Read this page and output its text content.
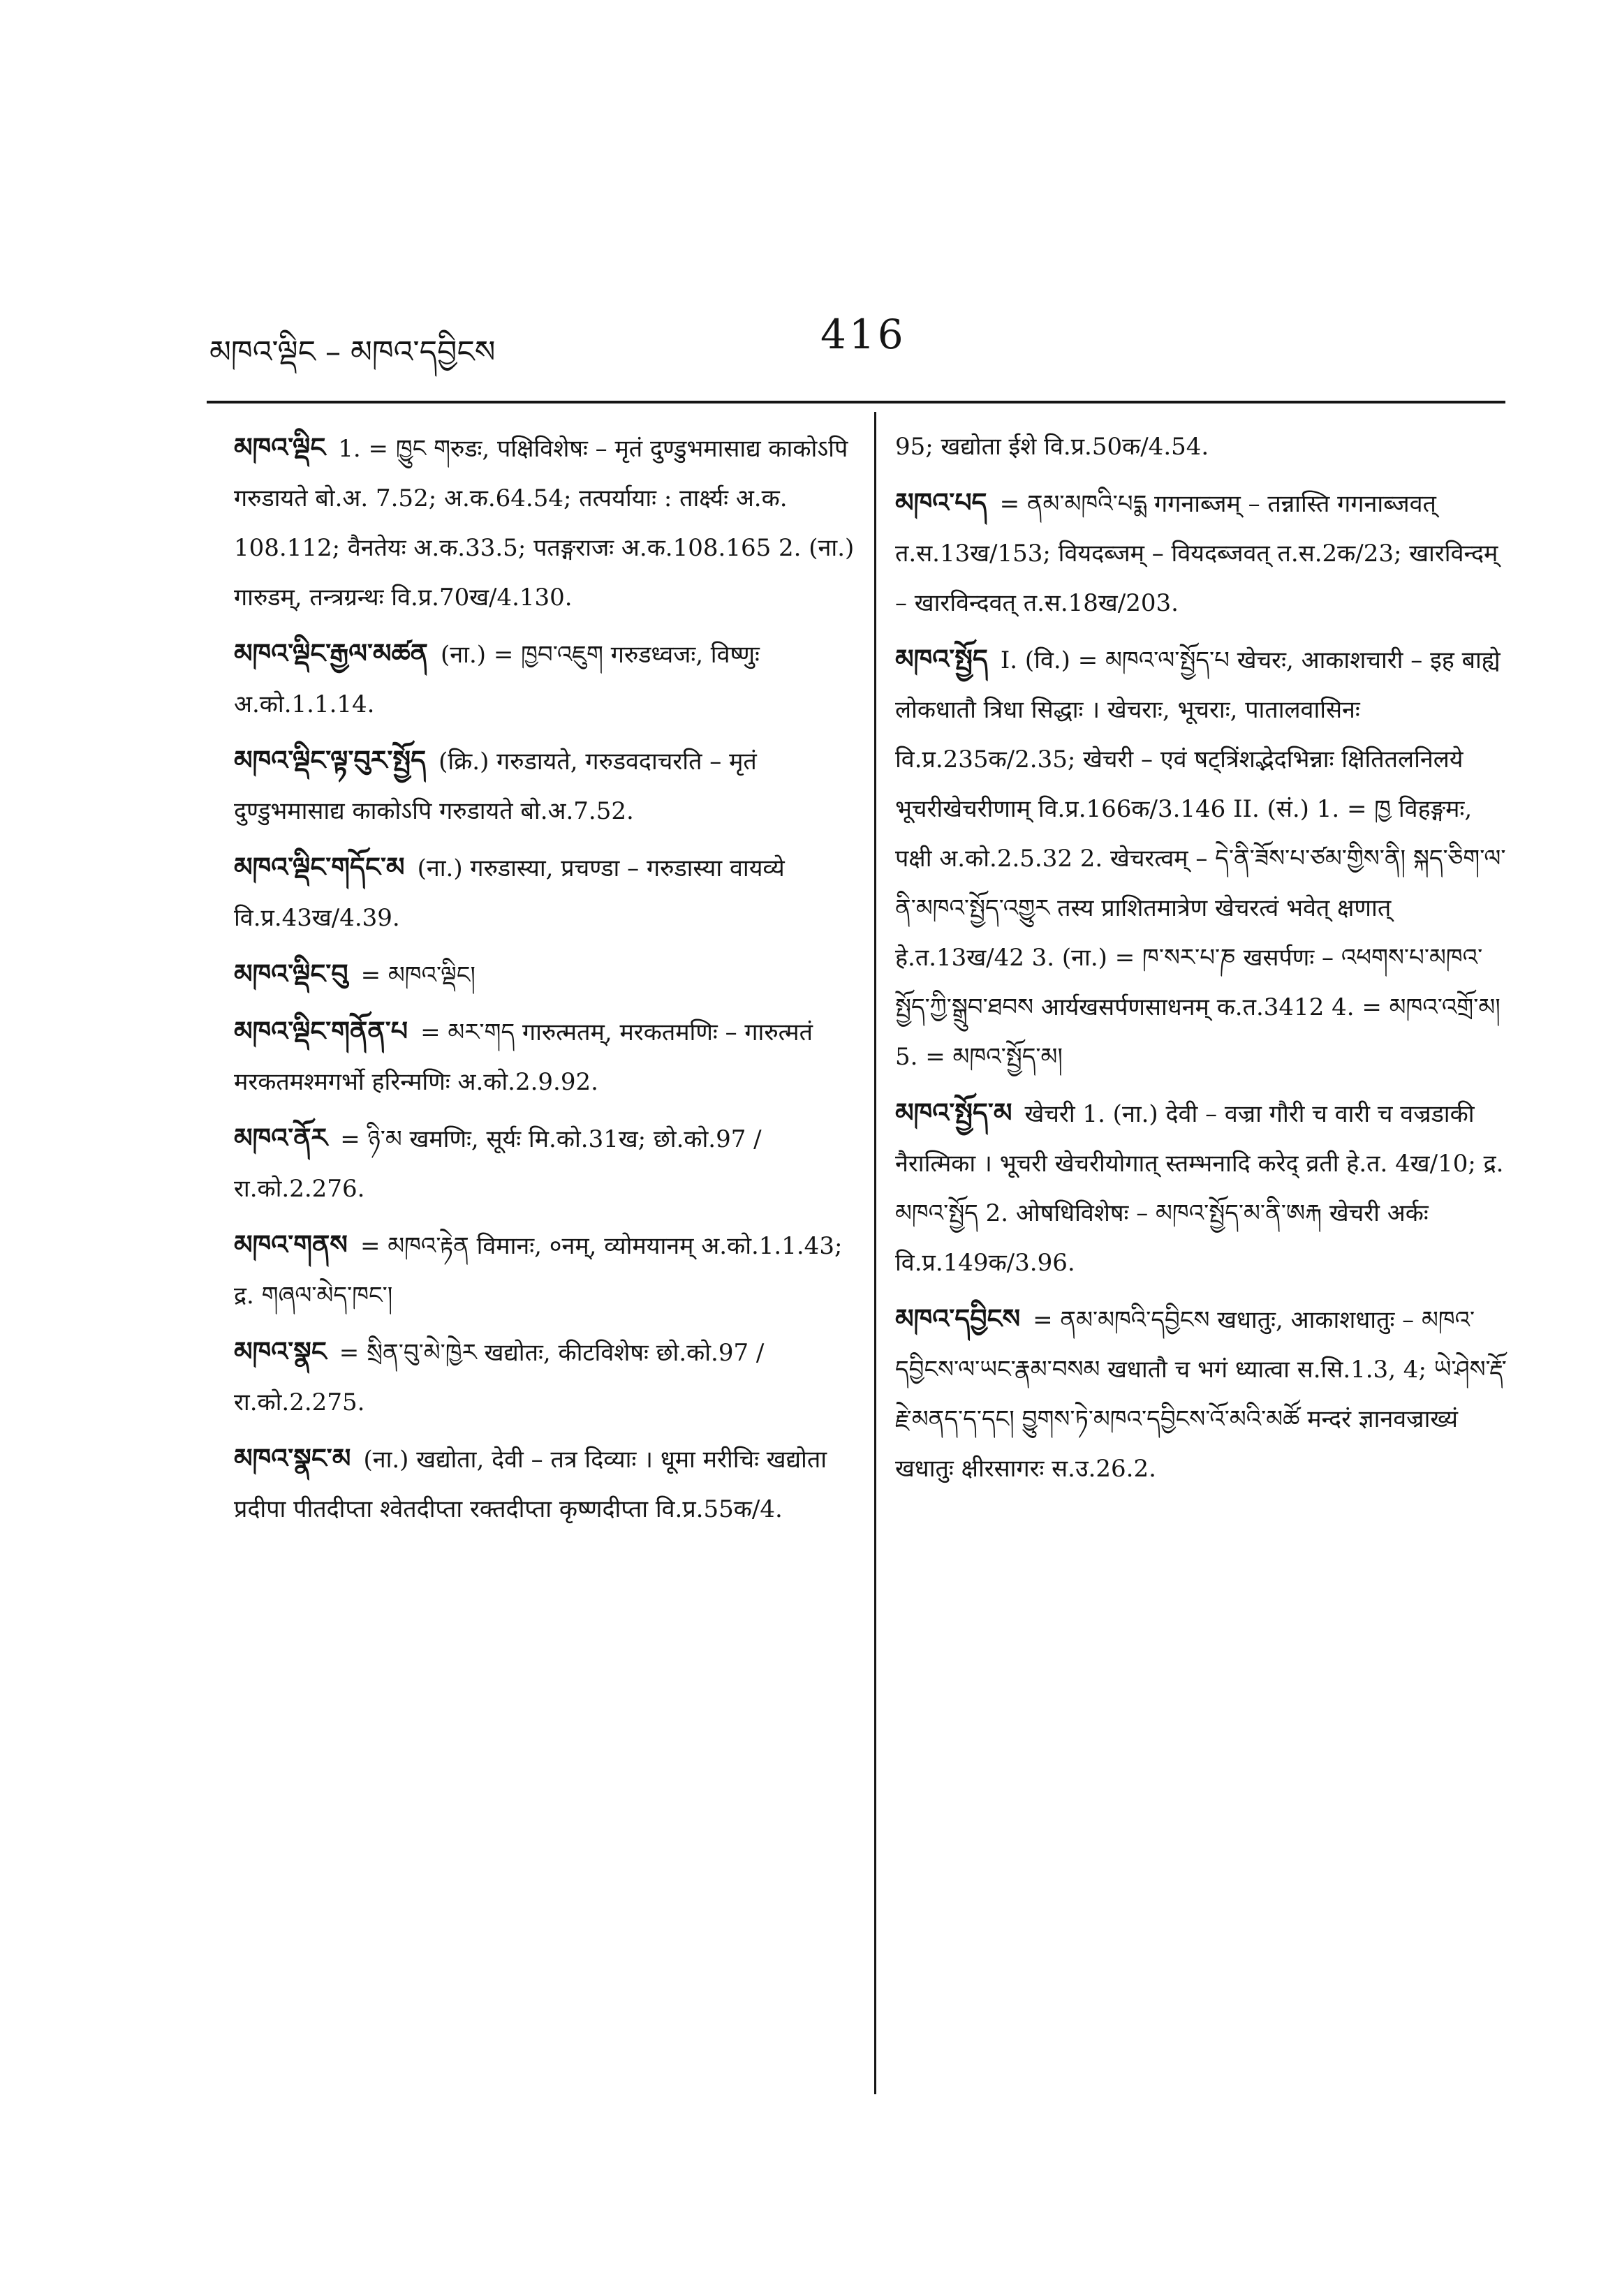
མཁའ་ལྡིང – མཁའ་དབྱིངས	416
མཁའ་ལྡིང 1. = ཁྱུང གरुडः, पक्षिविशेषः – मृतं दुण्डुभमासाद्य काकोऽपि गरुडायते बो.अ. 7.52; अ.क.64.54; तत्पर्यायाः : तार्क्ष्यः अ.क. 108.112; वैनतेयः अ.क.33.5; पतङ्गराजः अ.क.108.165 2. (ना.) गारुडम्, तन्त्रग्रन्थः वि.प्र.70ख/4.130.
མཁའ་ལྡིང་རྒྱལ་མཚན (ना.) = ཁྱབ་འཇུག गरुडध्वजः, विष्णुः अ.को.1.1.14.
མཁའ་ལྡིང་ལྟ་བུར་སྤྱོད (क्रि.) गरुडायते, गरुडवदाचरति – मृतं दुण्डुभमासाद्य काकोऽपि गरुडायते बो.अ.7.52.
མཁའ་ལྡིང་གདོང་མ (ना.) गरुडास्या, प्रचण्डा – गरुडास्या वायव्ये वि.प्र.43ख/4.39.
མཁའ་ལྡིང་བུ = མཁའ་ལྡིང།
མཁའ་ལྡིང་གནོན་པ = མར་གད गारुत्मतम्, मरकतमणिः – गारुत्मतं मरकतमश्मगर्भो हरिन्मणिः अ.को.2.9.92.
མཁའ་ནོར = ཉི་མ खमणिः, सूर्यः मि.को.31ख; छो.को.97 / रा.को.2.276.
མཁའ་གནས = མཁའ་རྟེན विमानः, ०नम्, व्योमयानम् अ.को.1.1.43; द्र. གཞལ་མེད་ཁང་།
མཁའ་སྣང = སྲིན་བུ་མེ་ཁྱེར खद्योतः, कीटविशेषः छो.को.97 / रा.को.2.275.
མཁའ་སྣང་མ (ना.) खद्योता, देवी – तत्र दिव्याः । धूमा मरीचिः खद्योता प्रदीपा पीतदीप्ता श्वेतदीप्ता रक्तदीप्ता कृष्णदीप्ता वि.प्र.55क/4.
95; खद्योता ईशे वि.प्र.50क/4.54.
མཁའ་པད = ནམ་མཁའི་པདྨ गगनाब्जम् – तन्नास्ति गगनाब्जवत् त.स.13ख/153; वियदब्जम् – वियदब्जवत् त.स.2क/23; खारविन्दम् – खारविन्दवत् त.स.18ख/203.
མཁའ་སྤྱོད I. (वि.) = མཁའ་ལ་སྤྱོད་པ खेचरः, आकाशचारी – इह बाह्ये लोकधातौ त्रिधा सिद्धाः । खेचराः, भूचराः, पातालवासिनः वि.प्र.235क/2.35; खेचरी – एवं षट्त्रिंशद्भेदभिन्नाः क्षितितलनिलये भूचरीखेचरीणाम् वि.प्र.166क/3.146 II. (सं.) 1. = ཁྱ विहङ्गमः, पक्षी अ.को.2.5.32 2. खेचरत्वम् – དེ་ནི་ཟོས་པ་ཙམ་གྱིས་ནི། སྐད་ཅིག་ལ་ནི་མཁའ་སྤྱོད་འགྱུར तस्य प्राशितमात्रेण खेचरत्वं भवेत् क्षणात् हे.त.13ख/42 3. (ना.) = ཁ་སར་པ་ཎ खसर्पणः – འཕགས་པ་མཁའ་སྤྱོད་ཀྱི་སྒྲུབ་ཐབས आर्यखसर्पणसाधनम् क.त.3412 4. = མཁའ་འགྲོ་མ། 5. = མཁའ་སྤྱོད་མ།
མཁའ་སྤྱོད་མ खेचरी 1. (ना.) देवी – वज्रा गौरी च वारी च वज्रडाकी नैरात्मिका । भूचरी खेचरीयोगात् स्तम्भनादि करेद् व्रती हे.त. 4ख/10; द्र. མཁའ་སྤྱོད 2. ओषधिविशेषः – མཁའ་སྤྱོད་མ་ནི་ཨརྐ खेचरी अर्कः वि.प्र.149क/3.96.
མཁའ་དབྱིངས = ནམ་མཁའི་དབྱིངས खधातुः, आकाशधातुः – མཁའ་དབྱིངས་ལ་ཡང་རྣམ་བསམ खधातौ च भगं ध्यात्वा स.सि.1.3, 4; ཡེ་ཤེས་རྡོ་རྗེ་མནད་ད་དང། བྱུགས་ཏེ་མཁའ་དབྱིངས་འོ་མའི་མཚོ मन्दरं ज्ञानवज्राख्यं खधातुः क्षीरसागरः स.उ.26.2.
